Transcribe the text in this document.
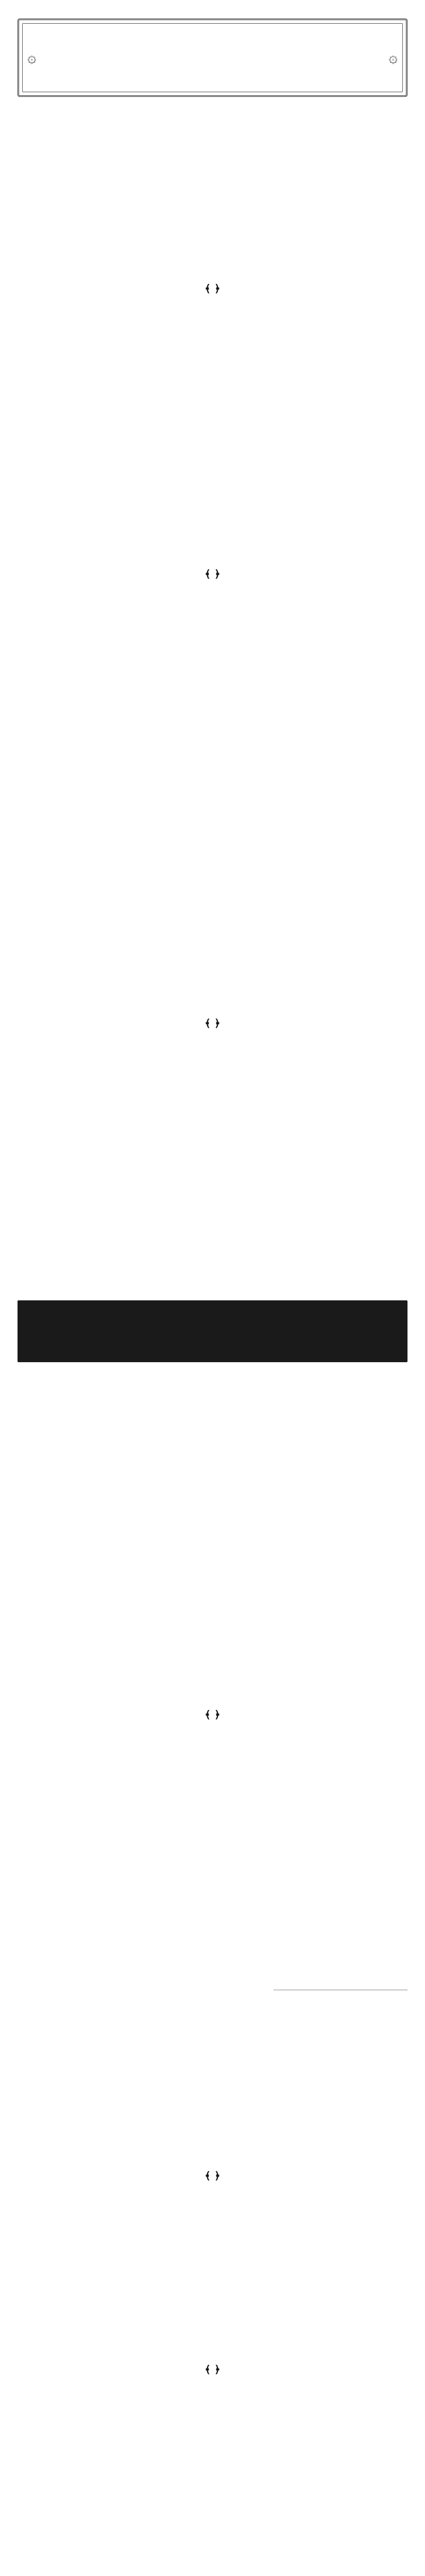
۞
۞

﴿ ﴾

﴿ ﴾

﴿ ﴾

﴿ ﴾

﴿ ﴾

﴿ ﴾
